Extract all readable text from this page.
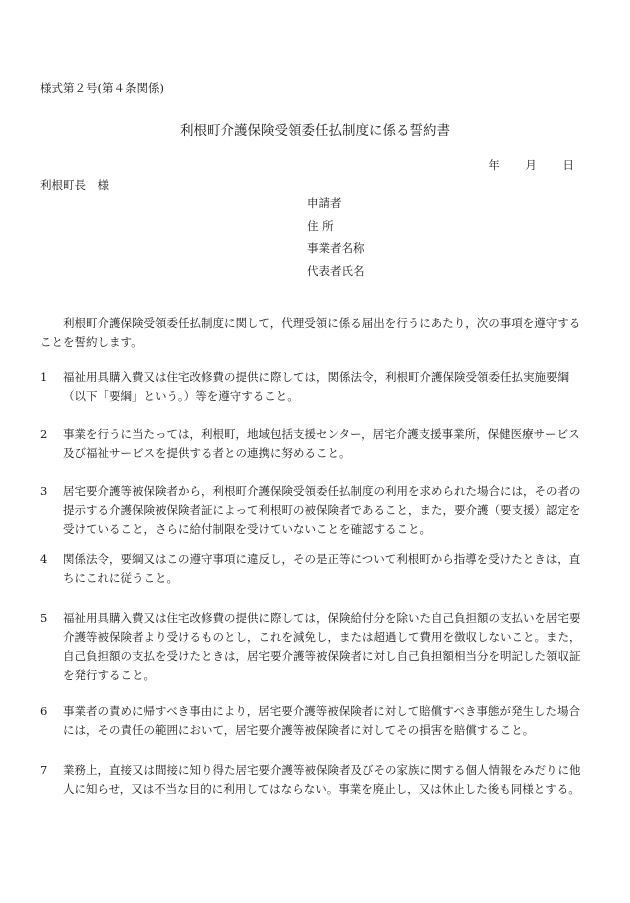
様式第２号(第４条関係)
利根町介護保険受領委任払制度に係る誓約書
年 月 日
利根町長　様
申請者
住 所
事業者名称
代表者氏名
利根町介護保険受領委任払制度に関して，代理受領に係る届出を行うにあたり，次の事項を遵守することを誓約します。
1	福祉用具購入費又は住宅改修費の提供に際しては，関係法令，利根町介護保険受領委任払実施要綱（以下「要綱」という。）等を遵守すること。
2	事業を行うに当たっては，利根町，地域包括支援センター，居宅介護支援事業所，保健医療サービス及び福祉サービスを提供する者との連携に努めること。
3	居宅要介護等被保険者から，利根町介護保険受領委任払制度の利用を求められた場合には，その者の提示する介護保険被保険者証によって利根町の被保険者であること，また，要介護（要支援）認定を受けていること，さらに給付制限を受けていないことを確認すること。
4	関係法令，要綱又はこの遵守事項に違反し，その是正等について利根町から指導を受けたときは，直ちにこれに従うこと。
5	福祉用具購入費又は住宅改修費の提供に際しては，保険給付分を除いた自己負担額の支払いを居宅要介護等被保険者より受けるものとし，これを減免し，または超過して費用を徴収しないこと。また，自己負担額の支払を受けたときは，居宅要介護等被保険者に対し自己負担額相当分を明記した領収証を発行すること。
6	事業者の責めに帰すべき事由により，居宅要介護等被保険者に対して賠償すべき事態が発生した場合には，その責任の範囲において，居宅要介護等被保険者に対してその損害を賠償すること。
7	業務上，直接又は間接に知り得た居宅要介護等被保険者及びその家族に関する個人情報をみだりに他人に知らせ，又は不当な目的に利用してはならない。事業を廃止し，又は休止した後も同様とする。
